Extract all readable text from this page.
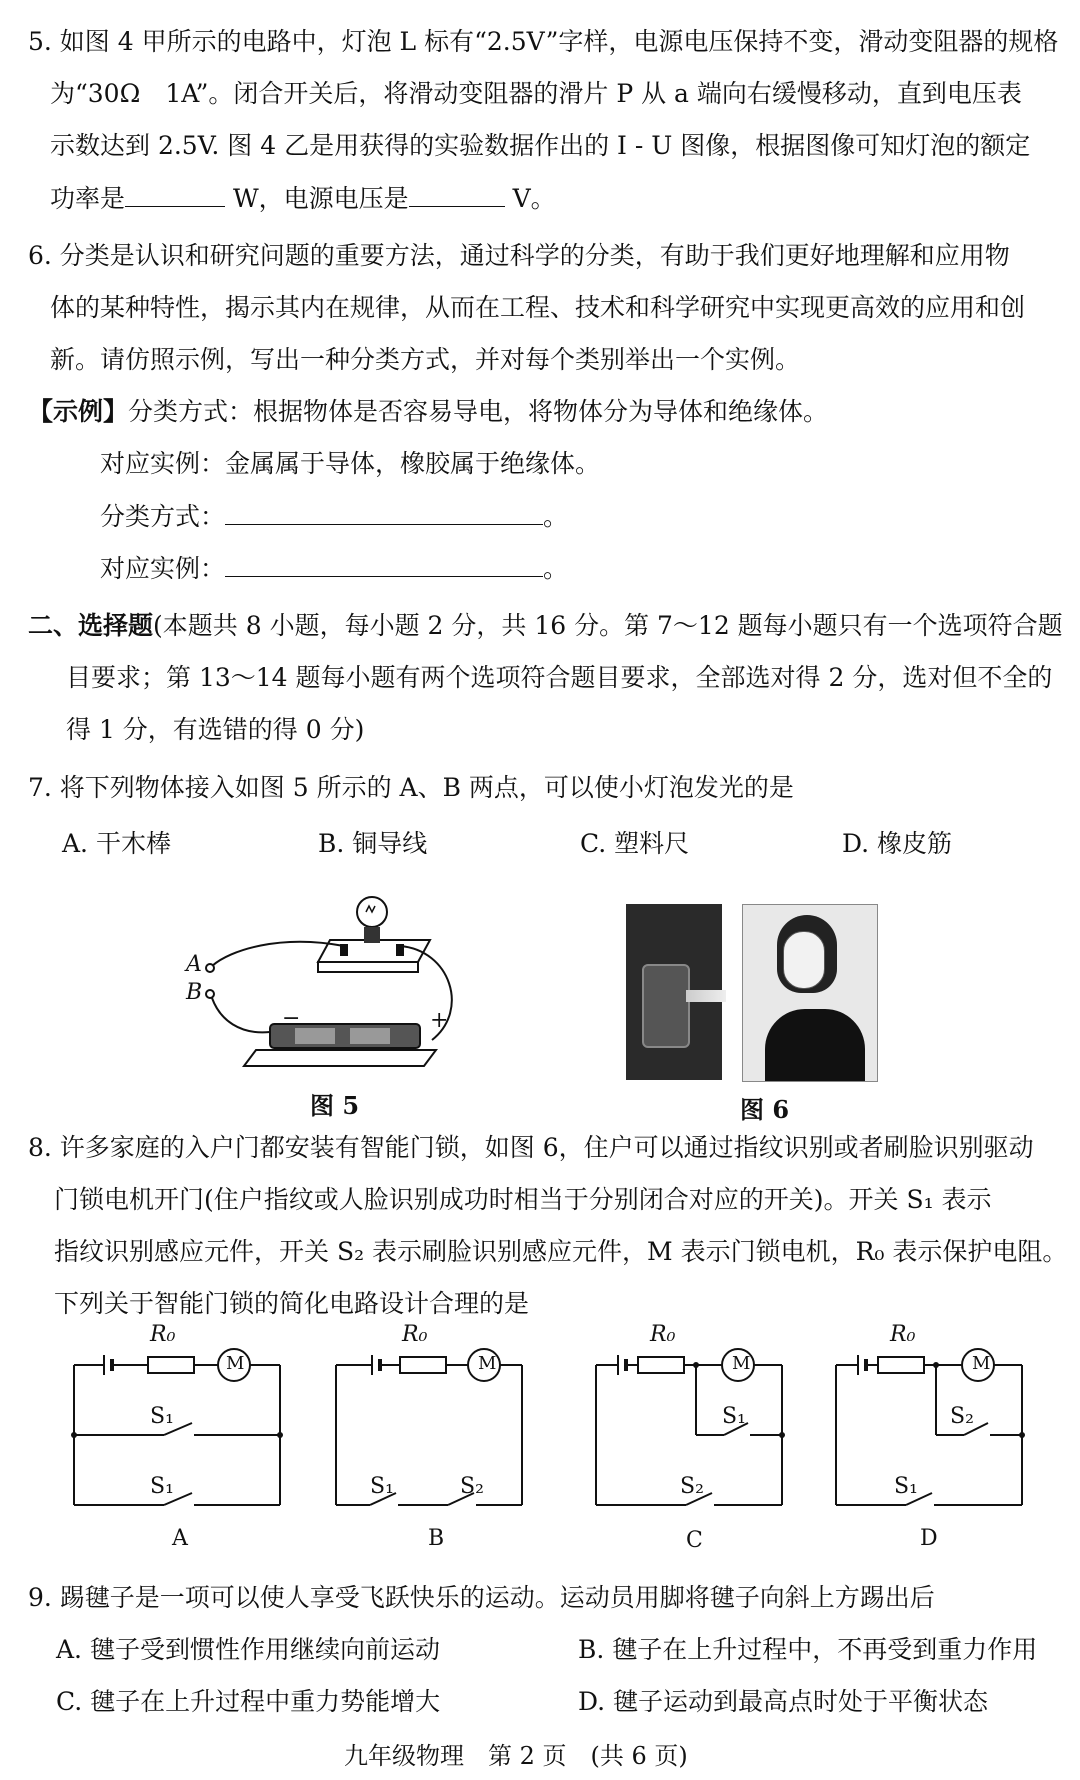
5. 如图 4 甲所示的电路中，灯泡 L 标有“2.5V”字样，电源电压保持不变，滑动变阻器的规格
为“30Ω　1A”。闭合开关后，将滑动变阻器的滑片 P 从 a 端向右缓慢移动，直到电压表
示数达到 2.5V. 图 4 乙是用获得的实验数据作出的 I - U 图像，根据图像可知灯泡的额定
功率是	W，电源电压是	V。
6. 分类是认识和研究问题的重要方法，通过科学的分类，有助于我们更好地理解和应用物
体的某种特性，揭示其内在规律，从而在工程、技术和科学研究中实现更高效的应用和创
新。请仿照示例，写出一种分类方式，并对每个类别举出一个实例。
【示例】分类方式：根据物体是否容易导电，将物体分为导体和绝缘体。
对应实例：金属属于导体，橡胶属于绝缘体。
分类方式：	。
对应实例：	。
二、选择题(本题共 8 小题，每小题 2 分，共 16 分。第 7～12 题每小题只有一个选项符合题
目要求；第 13～14 题每小题有两个选项符合题目要求，全部选对得 2 分，选对但不全的
得 1 分，有选错的得 0 分)
7. 将下列物体接入如图 5 所示的 A、B 两点，可以使小灯泡发光的是
A. 干木棒	B. 铜导线	C. 塑料尺	D. 橡皮筋
A
B
−	+
图 5	图 6
8. 许多家庭的入户门都安装有智能门锁，如图 6，住户可以通过指纹识别或者刷脸识别驱动
门锁电机开门(住户指纹或人脸识别成功时相当于分别闭合对应的开关)。开关 S₁ 表示
指纹识别感应元件，开关 S₂ 表示刷脸识别感应元件，M 表示门锁电机，R₀ 表示保护电阻。
下列关于智能门锁的简化电路设计合理的是
R₀
M
S₁
S₁
A
R₀
M
S₁	S₂
B
R₀
M
S₁
S₂
C
R₀
M
S₂
S₁
D
9. 踢毽子是一项可以使人享受飞跃快乐的运动。运动员用脚将毽子向斜上方踢出后
A. 毽子受到惯性作用继续向前运动	B. 毽子在上升过程中，不再受到重力作用
C. 毽子在上升过程中重力势能增大	D. 毽子运动到最高点时处于平衡状态
九年级物理　第 2 页　(共 6 页)
